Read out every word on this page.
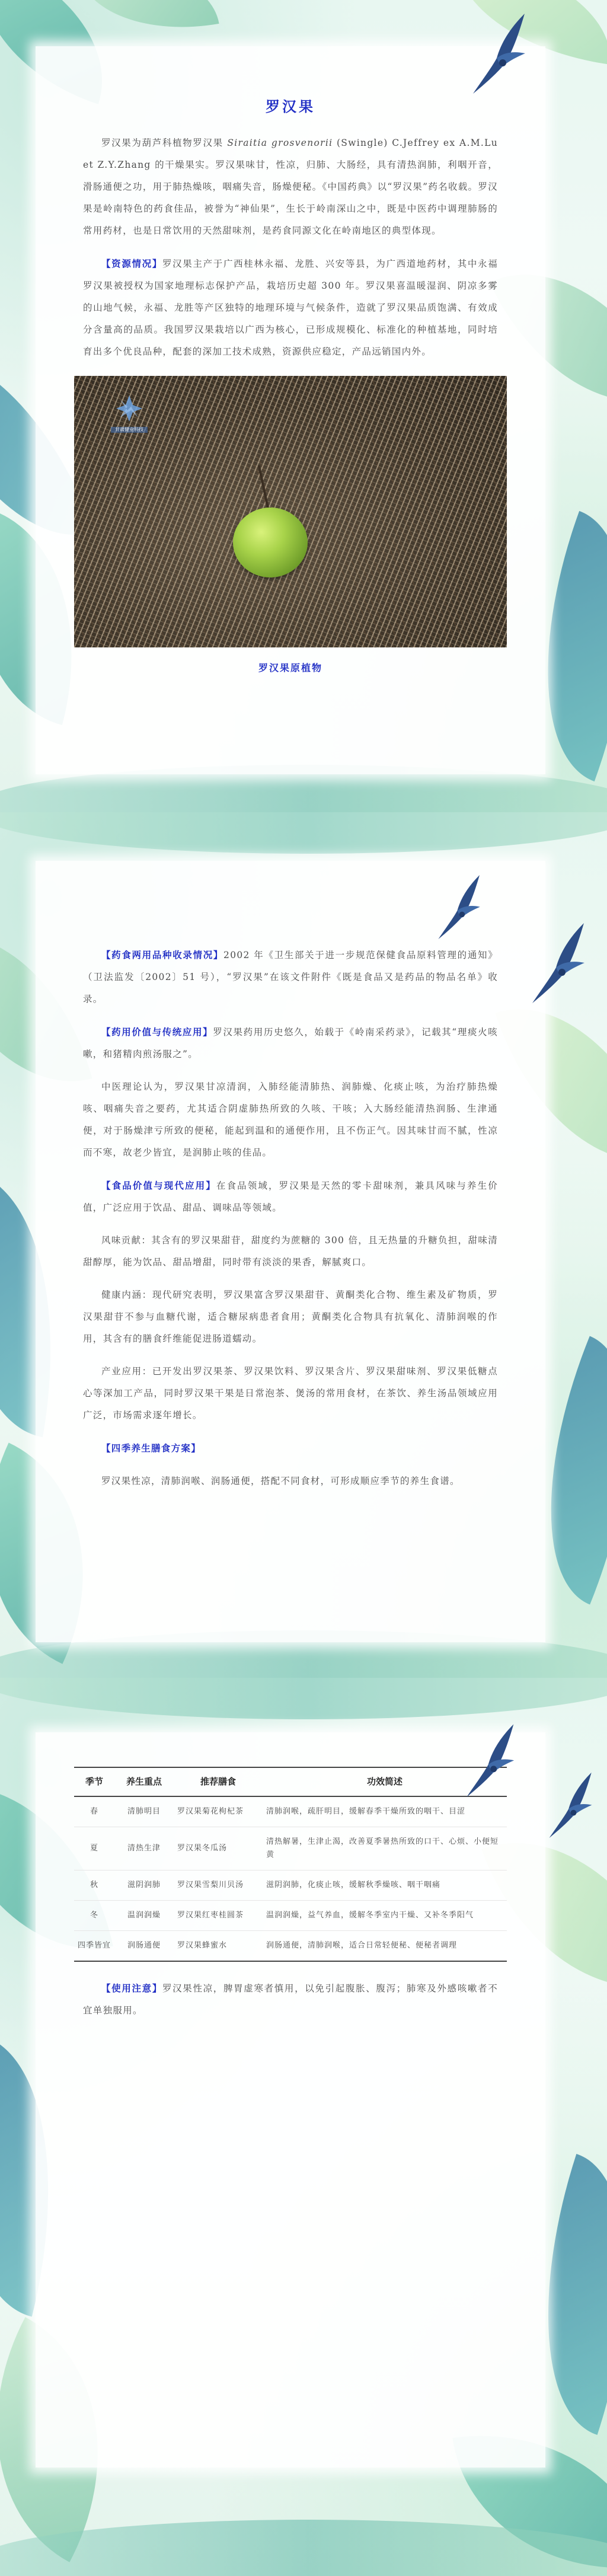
罗汉果

罗汉果为葫芦科植物罗汉果 Siraitia grosvenorii (Swingle) C.Jeffrey ex A.M.Lu et Z.Y.Zhang 的干燥果实。罗汉果味甘，性凉，归肺、大肠经，具有清热润肺，利咽开音，滑肠通便之功，用于肺热燥咳，咽痛失音，肠燥便秘。《中国药典》以“罗汉果”药名收载。罗汉果是岭南特色的药食佳品，被誉为“神仙果”，生长于岭南深山之中，既是中医药中调理肺肠的常用药材，也是日常饮用的天然甜味剂，是药食同源文化在岭南地区的典型体现。

【资源情况】罗汉果主产于广西桂林永福、龙胜、兴安等县，为广西道地药材，其中永福罗汉果被授权为国家地理标志保护产品，栽培历史超 300 年。罗汉果喜温暖湿润、阴凉多雾的山地气候，永福、龙胜等产区独特的地理环境与气候条件，造就了罗汉果品质饱满、有效成分含量高的品质。我国罗汉果栽培以广西为核心，已形成规模化、标准化的种植基地，同时培育出多个优良品种，配套的深加工技术成熟，资源供应稳定，产品远销国内外。

甘肃健业科技

罗汉果原植物

【药食两用品种收录情况】2002 年《卫生部关于进一步规范保健食品原料管理的通知》（卫法监发〔2002〕51 号），“罗汉果”在该文件附件《既是食品又是药品的物品名单》收录。

【药用价值与传统应用】罗汉果药用历史悠久，始载于《岭南采药录》，记载其“理痰火咳嗽，和猪精肉煎汤服之”。

中医理论认为，罗汉果甘凉清润，入肺经能清肺热、润肺燥、化痰止咳，为治疗肺热燥咳、咽痛失音之要药，尤其适合阴虚肺热所致的久咳、干咳；入大肠经能清热润肠、生津通便，对于肠燥津亏所致的便秘，能起到温和的通便作用，且不伤正气。因其味甘而不腻，性凉而不寒，故老少皆宜，是润肺止咳的佳品。

【食品价值与现代应用】在食品领域，罗汉果是天然的零卡甜味剂，兼具风味与养生价值，广泛应用于饮品、甜品、调味品等领域。

风味贡献：其含有的罗汉果甜苷，甜度约为蔗糖的 300 倍，且无热量的升糖负担，甜味清甜醇厚，能为饮品、甜品增甜，同时带有淡淡的果香，解腻爽口。

健康内涵：现代研究表明，罗汉果富含罗汉果甜苷、黄酮类化合物、维生素及矿物质，罗汉果甜苷不参与血糖代谢，适合糖尿病患者食用；黄酮类化合物具有抗氧化、清肺润喉的作用，其含有的膳食纤维能促进肠道蠕动。

产业应用：已开发出罗汉果茶、罗汉果饮料、罗汉果含片、罗汉果甜味剂、罗汉果低糖点心等深加工产品，同时罗汉果干果是日常泡茶、煲汤的常用食材，在茶饮、养生汤品领域应用广泛，市场需求逐年增长。

【四季养生膳食方案】

罗汉果性凉，清肺润喉、润肠通便，搭配不同食材，可形成顺应季节的养生食谱。

季节	养生重点	推荐膳食	功效简述
春	清肺明目	罗汉果菊花枸杞茶	清肺润喉，疏肝明目，缓解春季干燥所致的咽干、目涩
夏	清热生津	罗汉果冬瓜汤	清热解暑，生津止渴，改善夏季暑热所致的口干、心烦、小便短黄
秋	滋阴润肺	罗汉果雪梨川贝汤	滋阴润肺，化痰止咳，缓解秋季燥咳、咽干咽痛
冬	温润润燥	罗汉果红枣桂圆茶	温润润燥，益气养血，缓解冬季室内干燥、又补冬季阳气
四季皆宜	润肠通便	罗汉果蜂蜜水	润肠通便，清肺润喉，适合日常轻便秘、便秘者调理

【使用注意】罗汉果性凉，脾胃虚寒者慎用，以免引起腹胀、腹泻；肺寒及外感咳嗽者不宜单独服用。
